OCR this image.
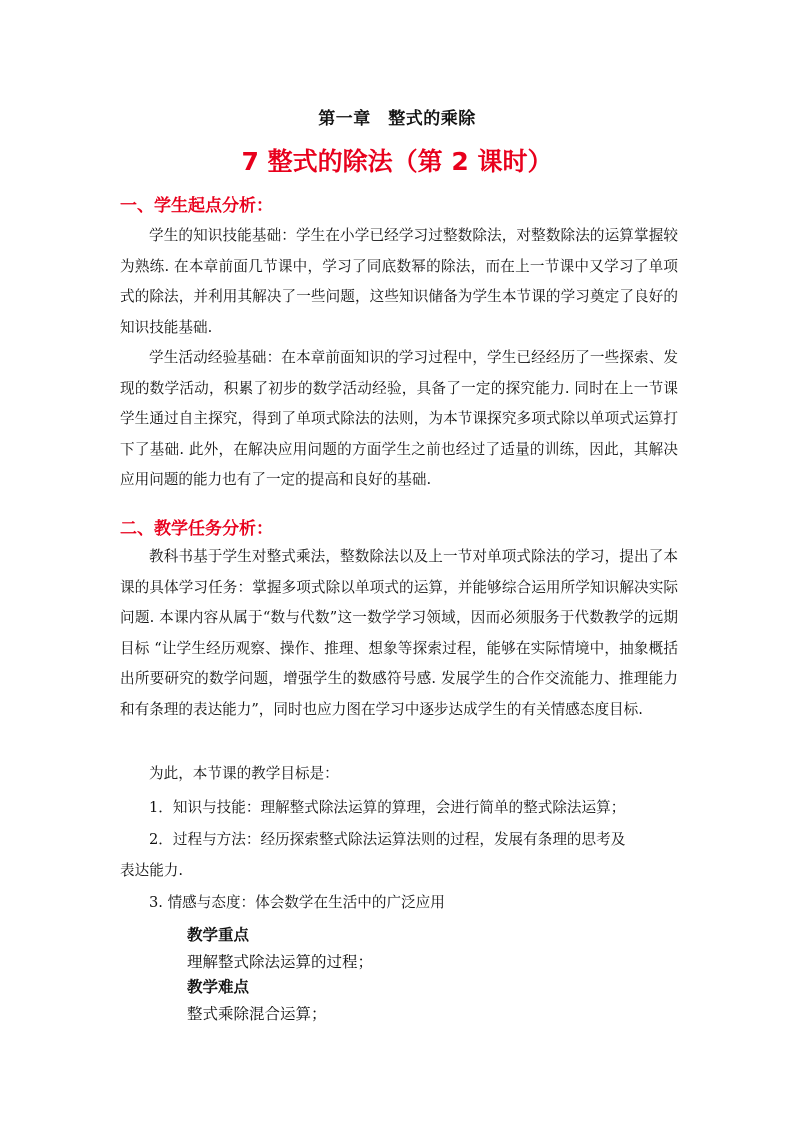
第一章　整式的乘除
7 整式的除法（第 2 课时）
一、学生起点分析：

学生的知识技能基础：学生在小学已经学习过整数除法，对整数除法的运算掌握较为熟练. 在本章前面几节课中，学习了同底数幂的除法，而在上一节课中又学习了单项式的除法，并利用其解决了一些问题，这些知识储备为学生本节课的学习奠定了良好的知识技能基础.

学生活动经验基础：在本章前面知识的学习过程中，学生已经经历了一些探索、发现的数学活动，积累了初步的数学活动经验，具备了一定的探究能力. 同时在上一节课学生通过自主探究，得到了单项式除法的法则，为本节课探究多项式除以单项式运算打下了基础. 此外，在解决应用问题的方面学生之前也经过了适量的训练，因此，其解决应用问题的能力也有了一定的提高和良好的基础.

二、教学任务分析：

教科书基于学生对整式乘法，整数除法以及上一节对单项式除法的学习，提出了本课的具体学习任务：掌握多项式除以单项式的运算，并能够综合运用所学知识解决实际问题. 本课内容从属于“数与代数”这一数学学习领域，因而必须服务于代数教学的远期目标 “让学生经历观察、操作、推理、想象等探索过程，能够在实际情境中，抽象概括出所要研究的数学问题，增强学生的数感符号感. 发展学生的合作交流能力、推理能力和有条理的表达能力”，同时也应力图在学习中逐步达成学生的有关情感态度目标.

为此，本节课的教学目标是：
1．知识与技能：理解整式除法运算的算理，会进行简单的整式除法运算；
2．过程与方法：经历探索整式除法运算法则的过程，发展有条理的思考及
表达能力.
3. 情感与态度：体会数学在生活中的广泛应用
教学重点
理解整式除法运算的过程；
教学难点
整式乘除混合运算；
